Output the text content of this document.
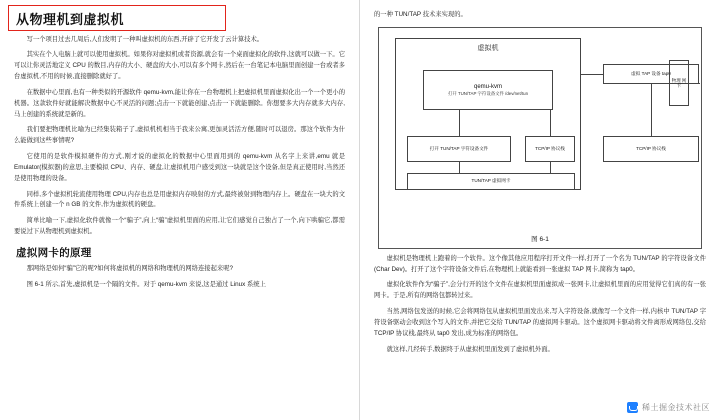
从物理机到虚拟机

写一个项目过去几周后,人们发明了一种叫虚拟机的东西,开辟了它开发了云计算技术。

其实在个人电脑上就可以使用虚拟机。如果你对虚拟机或者资源,就会有一个桌面虚拟化的软件,这就可以做一下。它可以让你灵活地定义 CPU 的数目,内存的大小、硬盘的大小,可以有多个网卡,然后在一台笔记本电脑里面创建一台或者多台虚拟机,不用的时候,直接删除就好了。

在数据中心里面,也有一种类似的开源软件 qemu-kvm,能让你在一台物理机上把虚拟机里面虚拟化出一个一个更小的机器。这款软件好就能解决数据中心不灵活的问题;点击一下就能创建,点击一下就能删除。你想要多大内存就多大内存,马上创建的系统就是新的。

我们要把物理机比喻为已经集装箱子了,虚拟机机相当于我来公寓,更加灵活活方便,随时可以退房。那这个软件为什么能做到这些事情呢?

它使用的是软件模拟硬件的方式,刚才说的虚拟化的数据中心里面用到的 qemu-kvm 从名字上来讲,emu 就是 Emulator(模拟器)的意思,主要模拟 CPU、内存、硬盘,让虚拟机用户感受到这一块就是这个设备,但是真正使用时,当然还是使用物理的设备。

同样,多个虚拟机轮流使用物理 CPU,内存也总是用虚拟内存映射的方式,最终被射到物理内存上。硬盘在一块大的文件系统上创建一个 n GB 的文件,作为虚拟机的硬盘。

简单比喻一下,虚拟化软件就像一个“骗子”,向上“骗”虚拟机里面的应用,让它们感觉自己独占了一个,向下哄骗它,都需要说过下从物理机到虚拟机。

虚拟网卡的原理

那网络是如何“骗”它的呢?如何将虚拟机的网络和物理机的网络连接起来呢?

图 6-1 所示,首先,虚拟机是一个隔的文件。对于 qemu-kvm 来说,这是通过 Linux 系统上

的一种 TUN/TAP 技术来实现的。

虚拟机
qemu-kvm
打开 TUN/TAP 字符设备文件 /dev/net/tun
打开 TUN/TAP 字符设备文件	TCP/IP 协议栈
TUN/TAP 虚拟网卡
虚拟 TAP 设备 tap0
TCP/IP 协议栈
物理 网卡
图 6-1

虚拟机是物理机上跑着的一个软件。这个像其他应用程序打开文件一样,打开了一个名为 TUN/TAP 的字符设备文件(Char Dev)。打开了这个字符设备文件后,在物理机上就能看到一张虚拟 TAP 网卡,简称为 tap0。

虚拟化软件作为“骗子”,会分行开的这个文件在虚拟机里面虚拟成一张网卡,让虚拟机里面的应用觉得它们真的有一张网卡。于是,所有的网络包都转过来。

当然,网络包发送的时候,它会将网络包从虚拟机里面发出来,写入字符设备,就像写一个文件一样,内核中 TUN/TAP 字符设备驱动会收到这个写入的文件,并把它交给 TUN/TAP 的虚拟网卡驱动。这个虚拟网卡驱动将文件离形成网络包,交给 TCP/IP 协议栈,最终从 tap0 发出,成为标准的网络包。

就这样,几经转手,数据终于从虚拟机里面发到了虚拟机外面。

稀土掘金技术社区
